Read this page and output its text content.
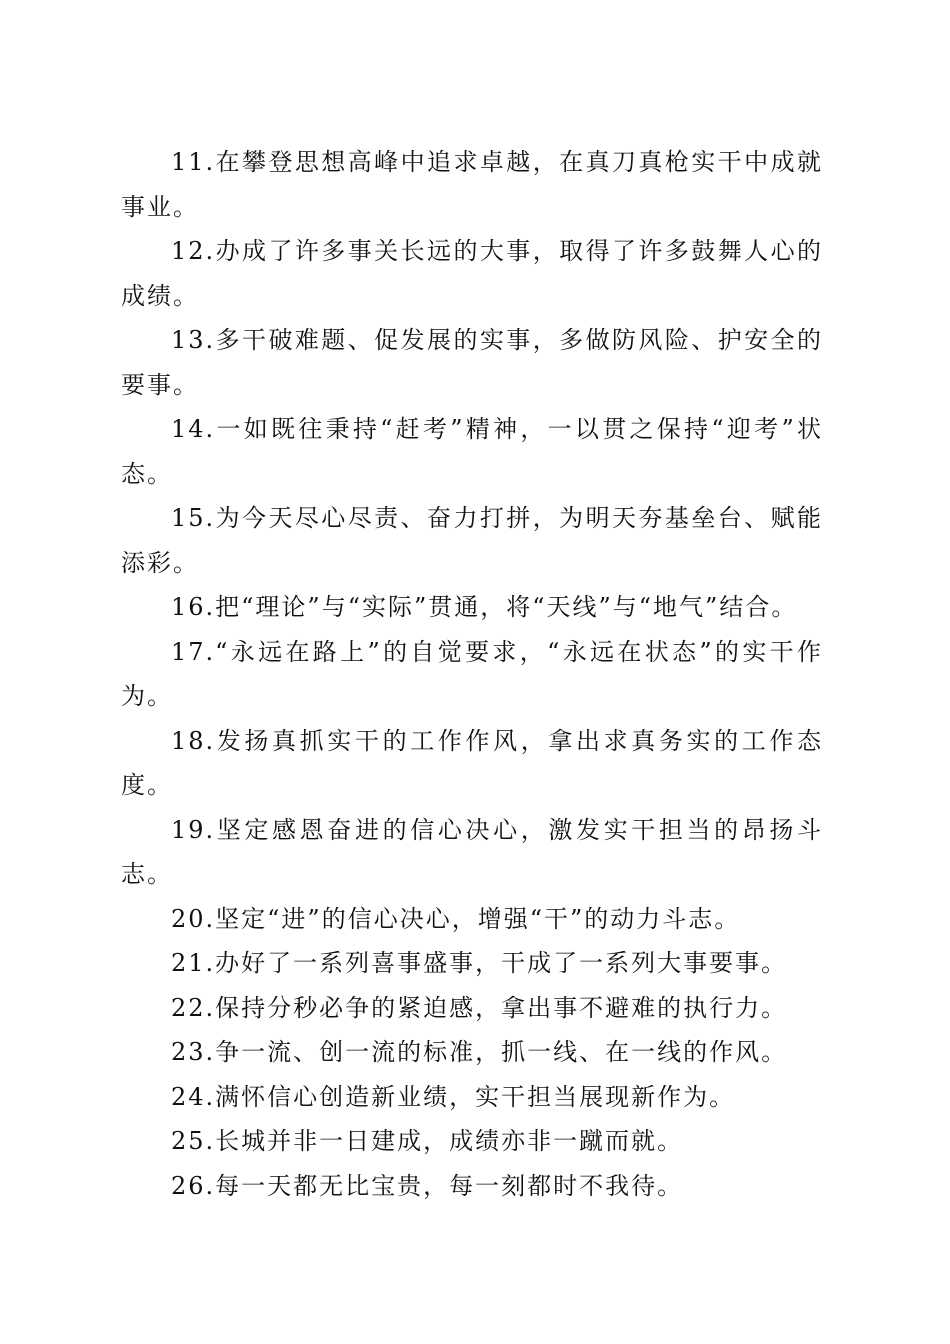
11.在攀登思想高峰中追求卓越，在真刀真枪实干中成就事业。

12.办成了许多事关长远的大事，取得了许多鼓舞人心的成绩。

13.多干破难题、促发展的实事，多做防风险、护安全的要事。

14.一如既往秉持“赶考”精神，一以贯之保持“迎考”状态。

15.为今天尽心尽责、奋力打拼，为明天夯基垒台、赋能添彩。

16.把“理论”与“实际”贯通，将“天线”与“地气”结合。

17.“永远在路上”的自觉要求，“永远在状态”的实干作为。

18.发扬真抓实干的工作作风，拿出求真务实的工作态度。

19.坚定感恩奋进的信心决心，激发实干担当的昂扬斗志。

20.坚定“进”的信心决心，增强“干”的动力斗志。

21.办好了一系列喜事盛事，干成了一系列大事要事。

22.保持分秒必争的紧迫感，拿出事不避难的执行力。

23.争一流、创一流的标准，抓一线、在一线的作风。

24.满怀信心创造新业绩，实干担当展现新作为。

25.长城并非一日建成，成绩亦非一蹴而就。

26.每一天都无比宝贵，每一刻都时不我待。
